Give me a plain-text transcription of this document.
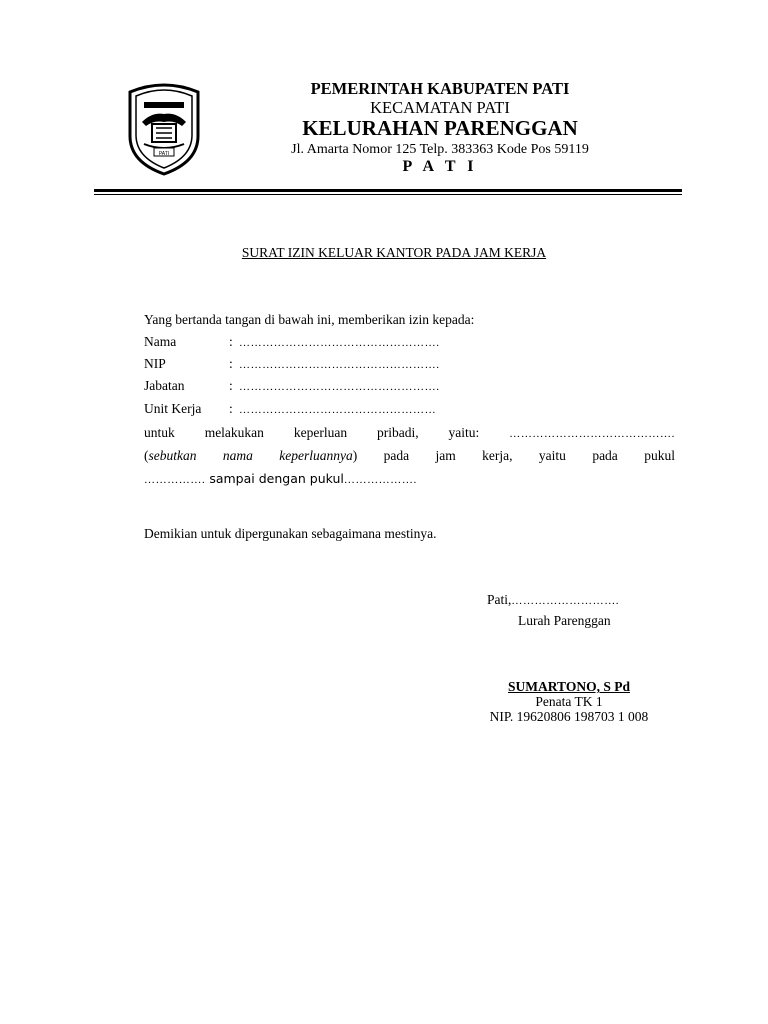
PATI
PEMERINTAH KABUPATEN PATI
KECAMATAN PATI
KELURAHAN PARENGGAN
Jl. Amarta Nomor 125 Telp. 383363 Kode Pos 59119
P A T I
SURAT IZIN KELUAR KANTOR PADA JAM KERJA
Yang bertanda tangan di bawah ini, memberikan izin kepada:
Nama	: …………………………………………….
NIP	: …………………………………………….
Jabatan	: …………………………………………….
Unit Kerja : ……………………………………………
untuk melakukan keperluan pribadi, yaitu:	…………………………………….
(sebutkan nama keperluannya) pada jam kerja, yaitu pada pukul
……………. sampai dengan pukul……………….
Demikian untuk dipergunakan sebagaimana mestinya.
Pati,……………………….
Lurah Parenggan
SUMARTONO, S Pd
Penata TK 1
NIP. 19620806 198703 1 008
